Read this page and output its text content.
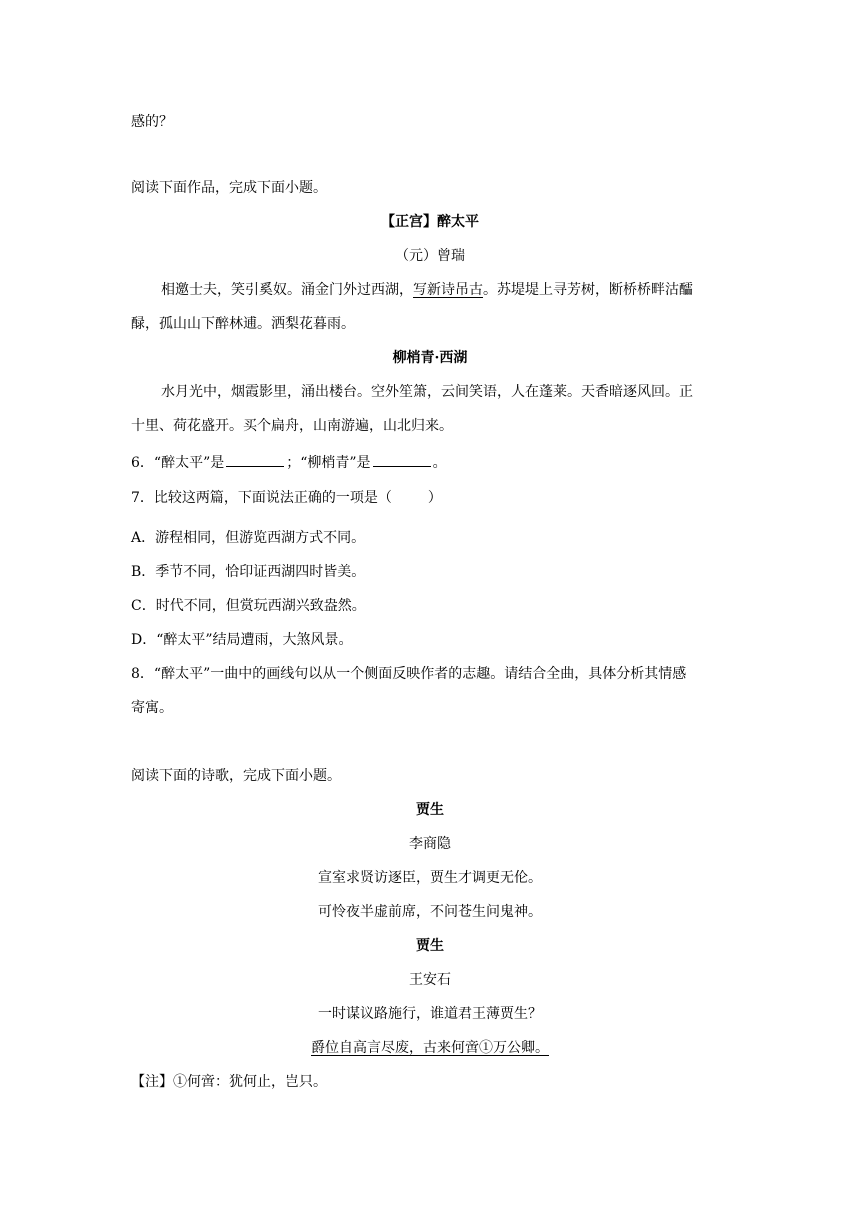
感的？
阅读下面作品，完成下面小题。
【正宫】醉太平
（元）曾瑞
相邀士夫，笑引奚奴。涌金门外过西湖，写新诗吊古。苏堤堤上寻芳树，断桥桥畔沽醽
醁，孤山山下醉林逋。洒梨花暮雨。
柳梢青·西湖
水月光中，烟霞影里，涌出楼台。空外笙箫，云间笑语，人在蓬莱。天香暗逐风回。正
十里、荷花盛开。买个扁舟，山南游遍，山北归来。
6．“醉太平”是	；“柳梢青”是	。
7．比较这两篇，下面说法正确的一项是（	）
A．游程相同，但游览西湖方式不同。
B．季节不同，恰印证西湖四时皆美。
C．时代不同，但赏玩西湖兴致盎然。
D．“醉太平”结局遭雨，大煞风景。
8．“醉太平”一曲中的画线句以从一个侧面反映作者的志趣。请结合全曲，具体分析其情感
寄寓。
阅读下面的诗歌，完成下面小题。
贾生
李商隐
宣室求贤访逐臣，贾生才调更无伦。
可怜夜半虚前席，不问苍生问鬼神。
贾生
王安石
一时谋议路施行，谁道君王薄贾生？
爵位自高言尽废，古来何啻①万公卿。
【注】①何啻：犹何止，岂只。
